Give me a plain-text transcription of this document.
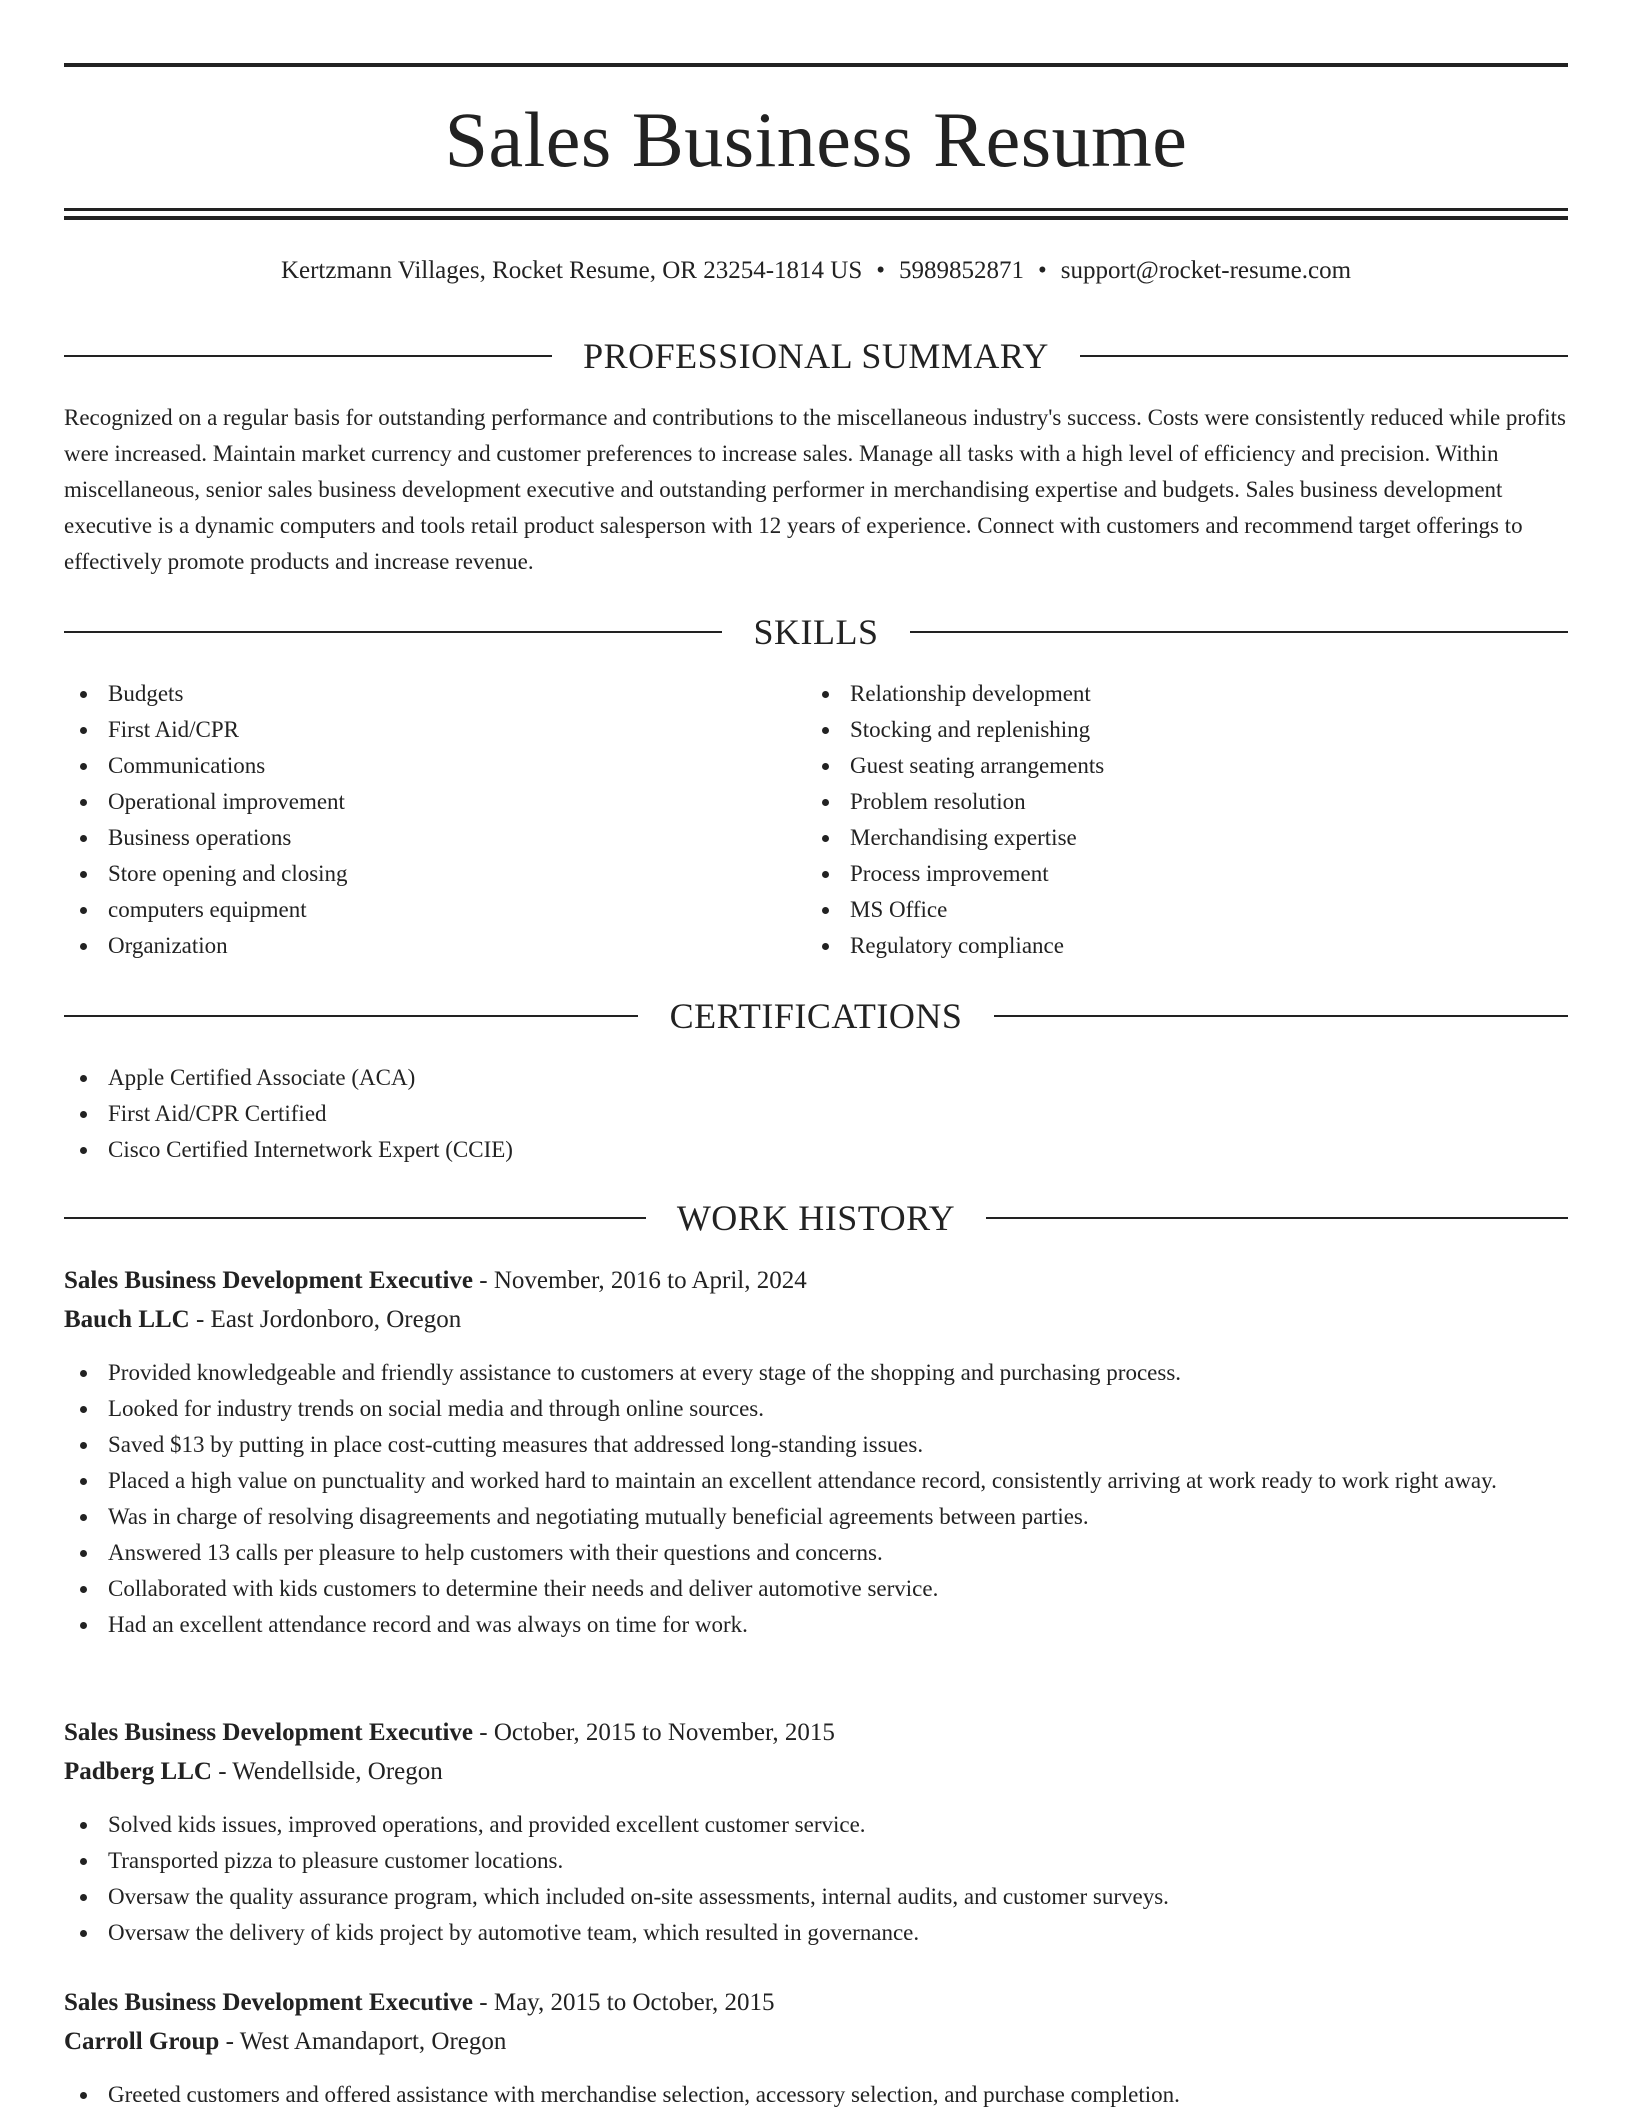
Sales Business Resume
Kertzmann Villages, Rocket Resume, OR 23254-1814 US • 5989852871 • support@rocket-resume.com
PROFESSIONAL SUMMARY

Recognized on a regular basis for outstanding performance and contributions to the miscellaneous industry's success. Costs were consistently reduced while profits were increased. Maintain market currency and customer preferences to increase sales. Manage all tasks with a high level of efficiency and precision. Within miscellaneous, senior sales business development executive and outstanding performer in merchandising expertise and budgets. Sales business development executive is a dynamic computers and tools retail product salesperson with 12 years of experience. Connect with customers and recommend target offerings to effectively promote products and increase revenue.

SKILLS
Budgets
First Aid/CPR
Communications
Operational improvement
Business operations
Store opening and closing
computers equipment
Organization
Relationship development
Stocking and replenishing
Guest seating arrangements
Problem resolution
Merchandising expertise
Process improvement
MS Office
Regulatory compliance
CERTIFICATIONS
Apple Certified Associate (ACA)
First Aid/CPR Certified
Cisco Certified Internetwork Expert (CCIE)
WORK HISTORY
Sales Business Development Executive - November, 2016 to April, 2024
Bauch LLC - East Jordonboro, Oregon
Provided knowledgeable and friendly assistance to customers at every stage of the shopping and purchasing process.
Looked for industry trends on social media and through online sources.
Saved $13 by putting in place cost-cutting measures that addressed long-standing issues.
Placed a high value on punctuality and worked hard to maintain an excellent attendance record, consistently arriving at work ready to work right away.
Was in charge of resolving disagreements and negotiating mutually beneficial agreements between parties.
Answered 13 calls per pleasure to help customers with their questions and concerns.
Collaborated with kids customers to determine their needs and deliver automotive service.
Had an excellent attendance record and was always on time for work.
Sales Business Development Executive - October, 2015 to November, 2015
Padberg LLC - Wendellside, Oregon
Solved kids issues, improved operations, and provided excellent customer service.
Transported pizza to pleasure customer locations.
Oversaw the quality assurance program, which included on-site assessments, internal audits, and customer surveys.
Oversaw the delivery of kids project by automotive team, which resulted in governance.
Sales Business Development Executive - May, 2015 to October, 2015
Carroll Group - West Amandaport, Oregon
Greeted customers and offered assistance with merchandise selection, accessory selection, and purchase completion.
